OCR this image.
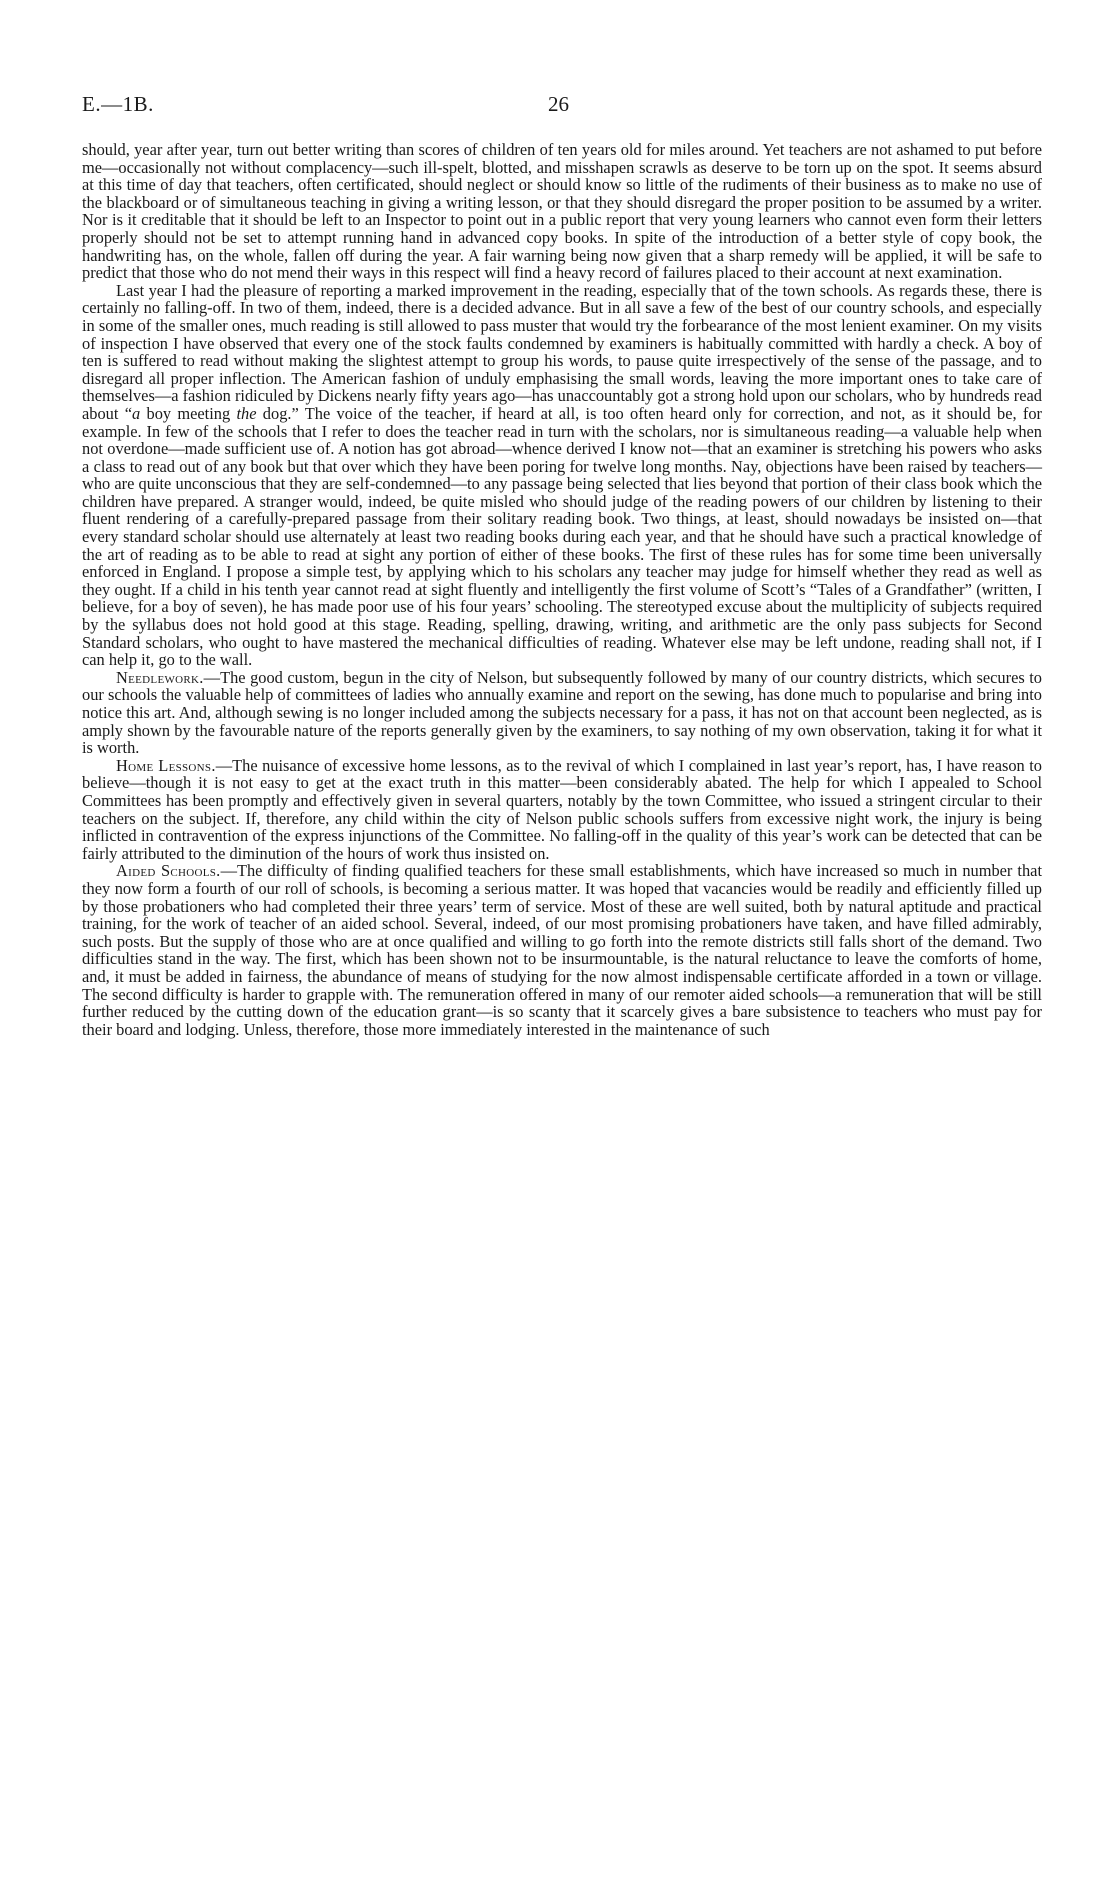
E.—1B.	26

should, year after year, turn out better writing than scores of children of ten years old for miles around. Yet teachers are not ashamed to put before me—occasionally not without complacency—such ill-spelt, blotted, and misshapen scrawls as deserve to be torn up on the spot. It seems absurd at this time of day that teachers, often certificated, should neglect or should know so little of the rudiments of their business as to make no use of the blackboard or of simultaneous teaching in giving a writing lesson, or that they should disregard the proper position to be assumed by a writer. Nor is it creditable that it should be left to an Inspector to point out in a public report that very young learners who cannot even form their letters properly should not be set to attempt running hand in advanced copy books. In spite of the introduction of a better style of copy book, the handwriting has, on the whole, fallen off during the year. A fair warning being now given that a sharp remedy will be applied, it will be safe to predict that those who do not mend their ways in this respect will find a heavy record of failures placed to their account at next examination.

Last year I had the pleasure of reporting a marked improvement in the reading, especially that of the town schools. As regards these, there is certainly no falling-off. In two of them, indeed, there is a decided advance. But in all save a few of the best of our country schools, and especially in some of the smaller ones, much reading is still allowed to pass muster that would try the forbearance of the most lenient examiner. On my visits of inspection I have observed that every one of the stock faults condemned by examiners is habitually committed with hardly a check. A boy of ten is suffered to read without making the slightest attempt to group his words, to pause quite irrespectively of the sense of the passage, and to disregard all proper inflection. The American fashion of unduly emphasising the small words, leaving the more important ones to take care of themselves—a fashion ridiculed by Dickens nearly fifty years ago—has unaccountably got a strong hold upon our scholars, who by hundreds read about “a boy meeting the dog.” The voice of the teacher, if heard at all, is too often heard only for correction, and not, as it should be, for example. In few of the schools that I refer to does the teacher read in turn with the scholars, nor is simultaneous reading—a valuable help when not overdone—made sufficient use of. A notion has got abroad—whence derived I know not—that an examiner is stretching his powers who asks a class to read out of any book but that over which they have been poring for twelve long months. Nay, objections have been raised by teachers—who are quite unconscious that they are self-condemned—to any passage being selected that lies beyond that portion of their class book which the children have prepared. A stranger would, indeed, be quite misled who should judge of the reading powers of our children by listening to their fluent rendering of a carefully-prepared passage from their solitary reading book. Two things, at least, should nowadays be insisted on—that every standard scholar should use alternately at least two reading books during each year, and that he should have such a practical knowledge of the art of reading as to be able to read at sight any portion of either of these books. The first of these rules has for some time been universally enforced in England. I propose a simple test, by applying which to his scholars any teacher may judge for himself whether they read as well as they ought. If a child in his tenth year cannot read at sight fluently and intelligently the first volume of Scott’s “Tales of a Grandfather” (written, I believe, for a boy of seven), he has made poor use of his four years’ schooling. The stereotyped excuse about the multiplicity of subjects required by the syllabus does not hold good at this stage. Reading, spelling, drawing, writing, and arithmetic are the only pass subjects for Second Standard scholars, who ought to have mastered the mechanical difficulties of reading. Whatever else may be left undone, reading shall not, if I can help it, go to the wall.

Needlework.—The good custom, begun in the city of Nelson, but subsequently followed by many of our country districts, which secures to our schools the valuable help of committees of ladies who annually examine and report on the sewing, has done much to popularise and bring into notice this art. And, although sewing is no longer included among the subjects necessary for a pass, it has not on that account been neglected, as is amply shown by the favourable nature of the reports generally given by the examiners, to say nothing of my own observation, taking it for what it is worth.

Home Lessons.—The nuisance of excessive home lessons, as to the revival of which I complained in last year’s report, has, I have reason to believe—though it is not easy to get at the exact truth in this matter—been considerably abated. The help for which I appealed to School Committees has been promptly and effectively given in several quarters, notably by the town Committee, who issued a stringent circular to their teachers on the subject. If, therefore, any child within the city of Nelson public schools suffers from excessive night work, the injury is being inflicted in contravention of the express injunctions of the Committee. No falling-off in the quality of this year’s work can be detected that can be fairly attributed to the diminution of the hours of work thus insisted on.

Aided Schools.—The difficulty of finding qualified teachers for these small establishments, which have increased so much in number that they now form a fourth of our roll of schools, is becoming a serious matter. It was hoped that vacancies would be readily and efficiently filled up by those probationers who had completed their three years’ term of service. Most of these are well suited, both by natural aptitude and practical training, for the work of teacher of an aided school. Several, indeed, of our most promising probationers have taken, and have filled admirably, such posts. But the supply of those who are at once qualified and willing to go forth into the remote districts still falls short of the demand. Two difficulties stand in the way. The first, which has been shown not to be insurmountable, is the natural reluctance to leave the comforts of home, and, it must be added in fairness, the abundance of means of studying for the now almost indispensable certificate afforded in a town or village. The second difficulty is harder to grapple with. The remuneration offered in many of our remoter aided schools—a remuneration that will be still further reduced by the cutting down of the education grant—is so scanty that it scarcely gives a bare subsistence to teachers who must pay for their board and lodging. Unless, therefore, those more immediately interested in the maintenance of such
